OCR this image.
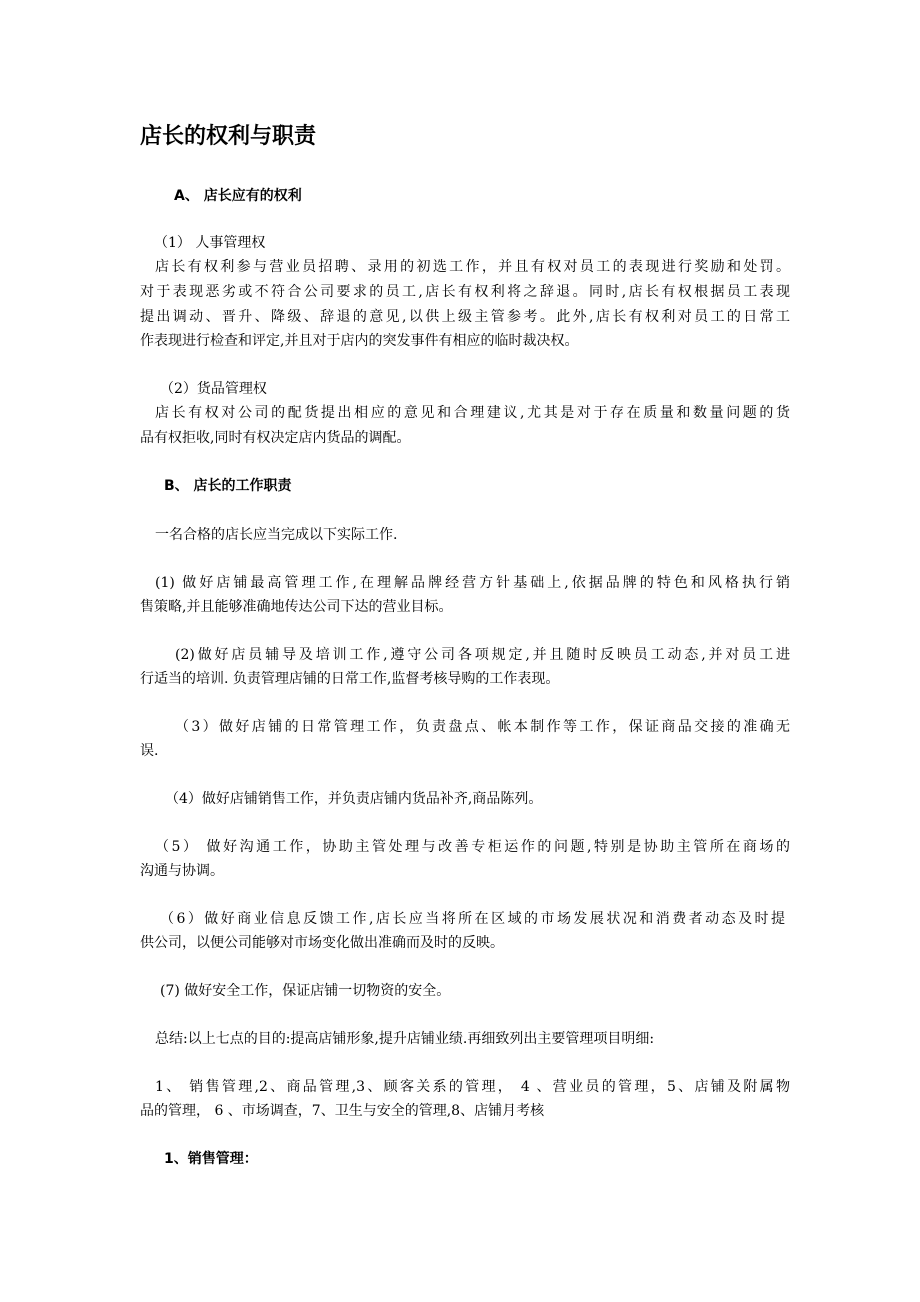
店长的权利与职责
A、 店长应有的权利
（1） 人事管理权
店长有权利参与营业员招聘、录用的初选工作，并且有权对员工的表现进行奖励和处罚。
对于表现恶劣或不符合公司要求的员工,店长有权利将之辞退。同时,店长有权根据员工表现
提出调动、晋升、降级、辞退的意见,以供上级主管参考。此外,店长有权利对员工的日常工
作表现进行检查和评定,并且对于店内的突发事件有相应的临时裁决权。
（2）货品管理权
店长有权对公司的配货提出相应的意见和合理建议,尤其是对于存在质量和数量问题的货
品有权拒收,同时有权决定店内货品的调配。
B、 店长的工作职责
一名合格的店长应当完成以下实际工作.
(1) 做好店铺最高管理工作,在理解品牌经营方针基础上,依据品牌的特色和风格执行销
售策略,并且能够准确地传达公司下达的营业目标。
(2)做好店员辅导及培训工作,遵守公司各项规定,并且随时反映员工动态,并对员工进
行适当的培训. 负责管理店铺的日常工作,监督考核导购的工作表现。
（3）做好店铺的日常管理工作，负责盘点、帐本制作等工作，保证商品交接的准确无
误.
（4）做好店铺销售工作，并负责店铺内货品补齐,商品陈列。
（5） 做好沟通工作，协助主管处理与改善专柜运作的问题,特别是协助主管所在商场的
沟通与协调。
（6）做好商业信息反馈工作,店长应当将所在区域的市场发展状况和消费者动态及时提
供公司，以便公司能够对市场变化做出准确而及时的反映。
(7) 做好安全工作，保证店铺一切物资的安全。
总结:以上七点的目的:提高店铺形象,提升店铺业绩.再细致列出主要管理项目明细:
1、 销售管理,2、商品管理,3、顾客关系的管理， 4 、营业员的管理，5、店铺及附属物
品的管理， 6 、市场调查，7、卫生与安全的管理,8、店铺月考核
1、销售管理：
